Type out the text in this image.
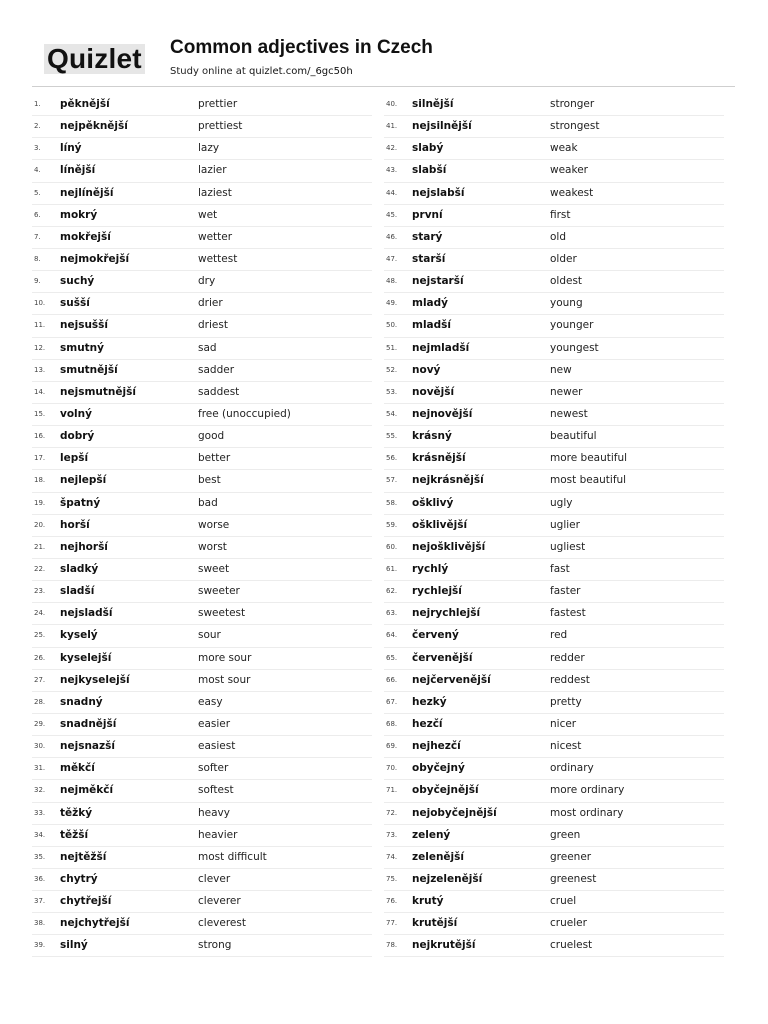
Quizlet Common adjectives in Czech
Study online at quizlet.com/_6gc50h
1.	pěknější	prettier
2.	nejpěknější	prettiest
3.	líný	lazy
4.	línější	lazier
5.	nejlínější	laziest
6.	mokrý	wet
7.	mokřejší	wetter
8.	nejmokřejší	wettest
9.	suchý	dry
10.	sušší	drier
11.	nejsušší	driest
12.	smutný	sad
13.	smutnější	sadder
14.	nejsmutnější	saddest
15.	volný	free (unoccupied)
16.	dobrý	good
17.	lepší	better
18.	nejlepší	best
19.	špatný	bad
20.	horší	worse
21.	nejhorší	worst
22.	sladký	sweet
23.	sladší	sweeter
24.	nejsladší	sweetest
25.	kyselý	sour
26.	kyselejší	more sour
27.	nejkyselejší	most sour
28.	snadný	easy
29.	snadnější	easier
30.	nejsnazší	easiest
31.	měkčí	softer
32.	nejměkčí	softest
33.	těžký	heavy
34.	těžší	heavier
35.	nejtěžší	most difficult
36.	chytrý	clever
37.	chytřejší	cleverer
38.	nejchytřejší	cleverest
39.	silný	strong
40.	silnější	stronger
41.	nejsilnější	strongest
42.	slabý	weak
43.	slabší	weaker
44.	nejslabší	weakest
45.	první	first
46.	starý	old
47.	starší	older
48.	nejstarší	oldest
49.	mladý	young
50.	mladší	younger
51.	nejmladší	youngest
52.	nový	new
53.	novější	newer
54.	nejnovější	newest
55.	krásný	beautiful
56.	krásnější	more beautiful
57.	nejkrásnější	most beautiful
58.	ošklivý	ugly
59.	ošklivější	uglier
60.	nejošklivější	ugliest
61.	rychlý	fast
62.	rychlejší	faster
63.	nejrychlejší	fastest
64.	červený	red
65.	červenější	redder
66.	nejčervenější	reddest
67.	hezký	pretty
68.	hezčí	nicer
69.	nejhezčí	nicest
70.	obyčejný	ordinary
71.	obyčejnější	more ordinary
72.	nejobyčejnější	most ordinary
73.	zelený	green
74.	zelenější	greener
75.	nejzelenější	greenest
76.	krutý	cruel
77.	krutější	crueler
78.	nejkrutější	cruelest
